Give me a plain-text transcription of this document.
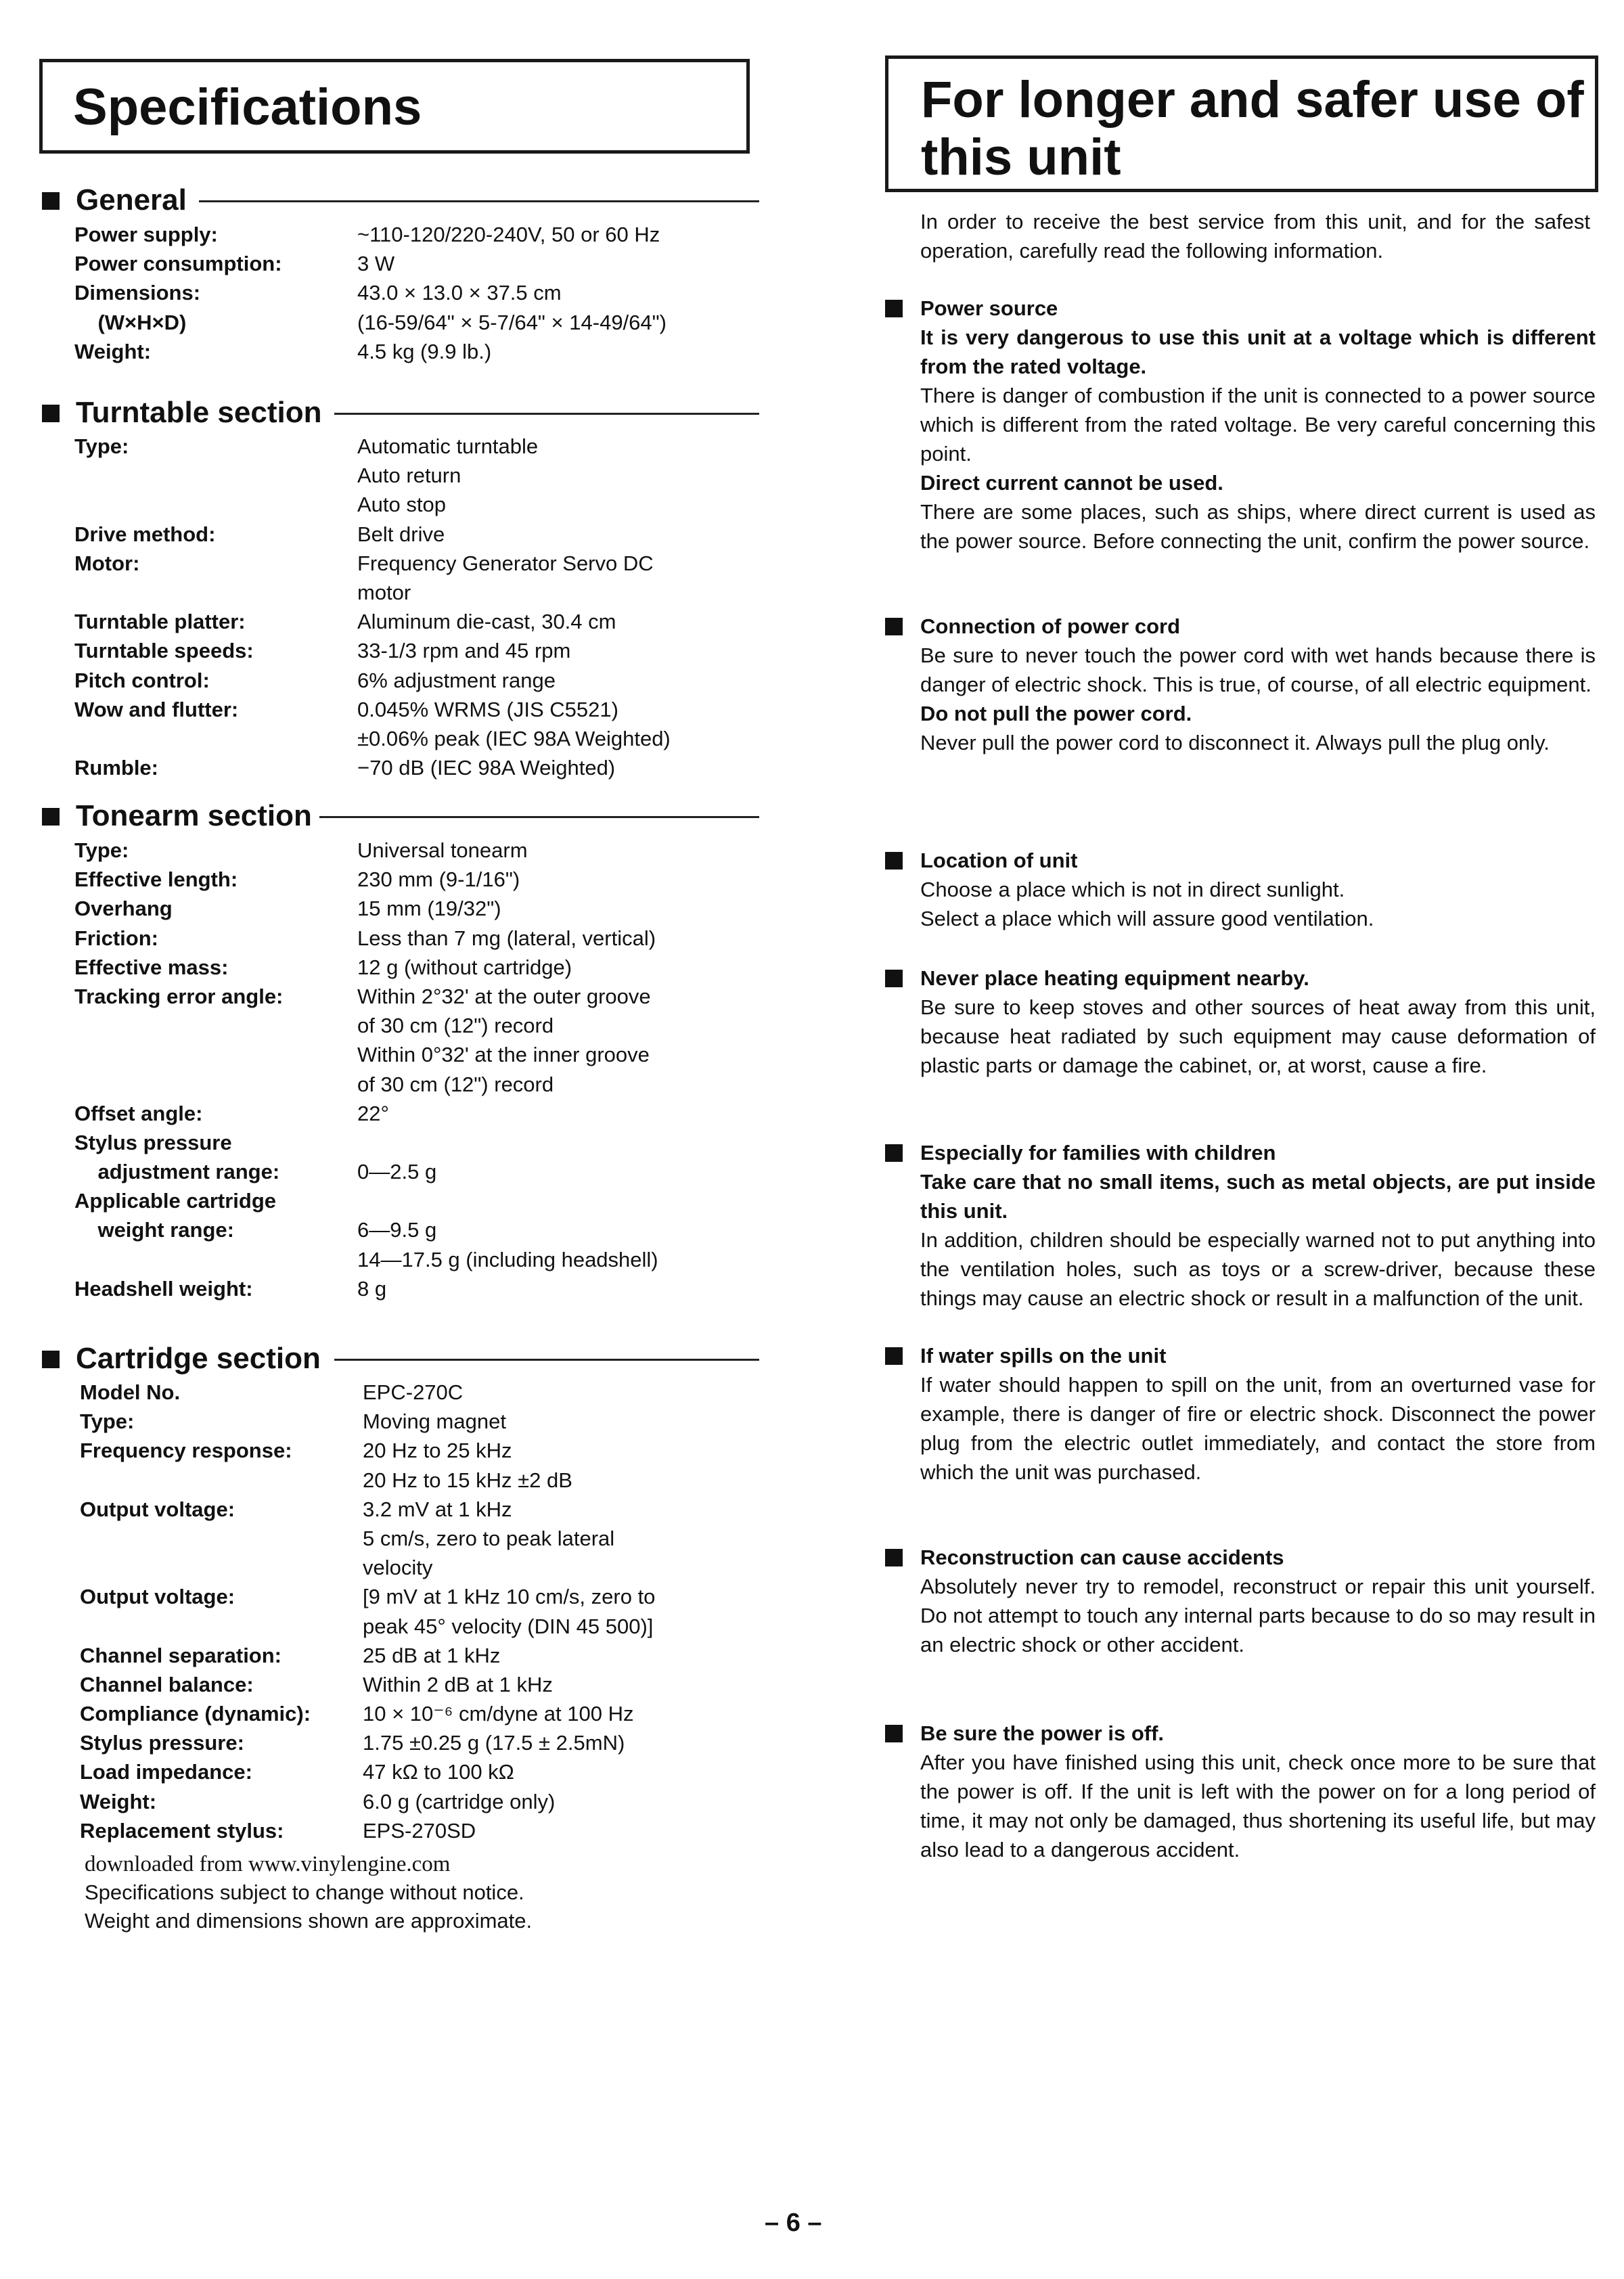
Specifications	For longer and safer use of this unit
General
Power supply:	~110-120/220-240V, 50 or 60 Hz
Power consumption:	3 W
Dimensions:	43.0 × 13.0 × 37.5 cm
(W×H×D)	(16-59/64" × 5-7/64" × 14-49/64")
Weight:	4.5 kg (9.9 lb.)
Turntable section
Type:	Automatic turntable
Auto return
Auto stop
Drive method:	Belt drive
Motor:	Frequency Generator Servo DC
motor
Turntable platter:	Aluminum die-cast, 30.4 cm
Turntable speeds:	33-1/3 rpm and 45 rpm
Pitch control:	6% adjustment range
Wow and flutter:	0.045% WRMS (JIS C5521)
±0.06% peak (IEC 98A Weighted)
Rumble:	−70 dB (IEC 98A Weighted)
Tonearm section
Type:	Universal tonearm
Effective length:	230 mm (9-1/16")
Overhang	15 mm (19/32")
Friction:	Less than 7 mg (lateral, vertical)
Effective mass:	12 g (without cartridge)
Tracking error angle:	Within 2°32' at the outer groove
of 30 cm (12") record
Within 0°32' at the inner groove
of 30 cm (12") record
Offset angle:	22°
Stylus pressure
adjustment range:	0—2.5 g
Applicable cartridge
weight range:	6—9.5 g
14—17.5 g (including headshell)
Headshell weight:	8 g
Cartridge section
Model No.	EPC-270C
Type:	Moving magnet
Frequency response:	20 Hz to 25 kHz
20 Hz to 15 kHz ±2 dB
Output voltage:	3.2 mV at 1 kHz
5 cm/s, zero to peak lateral
velocity
Output voltage:	[9 mV at 1 kHz 10 cm/s, zero to
peak 45° velocity (DIN 45 500)]
Channel separation:	25 dB at 1 kHz
Channel balance:	Within 2 dB at 1 kHz
Compliance (dynamic): 10 × 10⁻⁶ cm/dyne at 100 Hz
Stylus pressure:	1.75 ±0.25 g (17.5 ± 2.5mN)
Load impedance:	47 kΩ to 100 kΩ
Weight:	6.0 g (cartridge only)
Replacement stylus:	EPS-270SD
downloaded from www.vinylengine.com
Specifications subject to change without notice.
Weight and dimensions shown are approximate.
In order to receive the best service from this unit, and for the safest operation, carefully read the following information.
Power source
It is very dangerous to use this unit at a voltage which is different from the rated voltage.
There is danger of combustion if the unit is connected to a power source which is different from the rated voltage. Be very careful concerning this point.
Direct current cannot be used.
There are some places, such as ships, where direct current is used as the power source. Before connecting the unit, confirm the power source.
Connection of power cord
Be sure to never touch the power cord with wet hands because there is danger of electric shock. This is true, of course, of all electric equipment.
Do not pull the power cord.
Never pull the power cord to disconnect it. Always pull the plug only.
Location of unit
Choose a place which is not in direct sunlight.
Select a place which will assure good ventilation.
Never place heating equipment nearby.
Be sure to keep stoves and other sources of heat away from this unit, because heat radiated by such equipment may cause deformation of plastic parts or damage the cabinet, or, at worst, cause a fire.
Especially for families with children
Take care that no small items, such as metal objects, are put inside this unit.
In addition, children should be especially warned not to put anything into the ventilation holes, such as toys or a screw-driver, because these things may cause an electric shock or result in a malfunction of the unit.
If water spills on the unit
If water should happen to spill on the unit, from an overturned vase for example, there is danger of fire or electric shock. Disconnect the power plug from the electric outlet immediately, and contact the store from which the unit was purchased.
Reconstruction can cause accidents
Absolutely never try to remodel, reconstruct or repair this unit yourself. Do not attempt to touch any internal parts because to do so may result in an electric shock or other accident.
Be sure the power is off.
After you have finished using this unit, check once more to be sure that the power is off. If the unit is left with the power on for a long period of time, it may not only be damaged, thus shortening its useful life, but may also lead to a dangerous accident.
– 6 –
